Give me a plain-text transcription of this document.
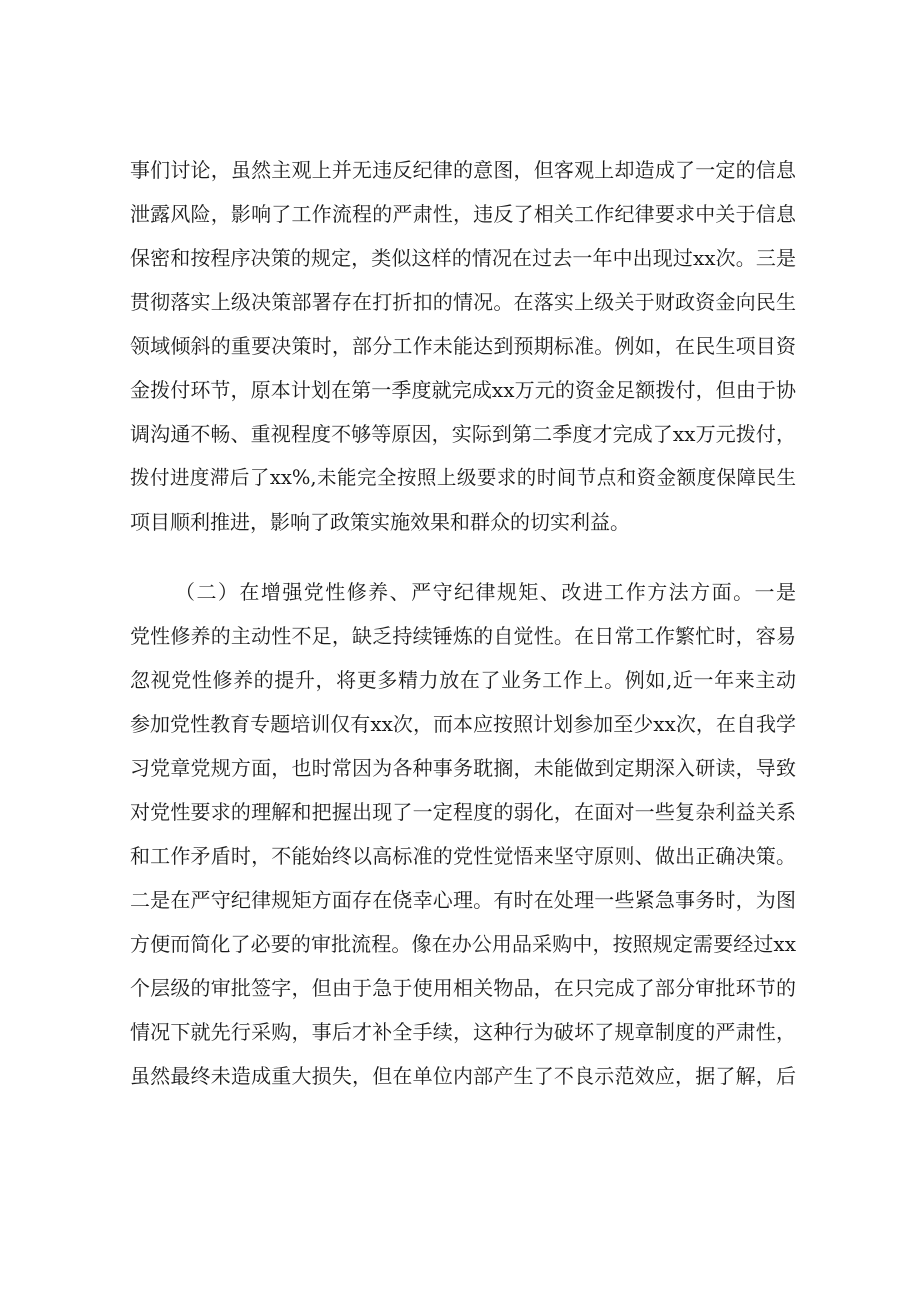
事们讨论，虽然主观上并无违反纪律的意图，但客观上却造成了一定的信息
泄露风险，影响了工作流程的严肃性，违反了相关工作纪律要求中关于信息
保密和按程序决策的规定，类似这样的情况在过去一年中出现过xx次。三是
贯彻落实上级决策部署存在打折扣的情况。在落实上级关于财政资金向民生
领域倾斜的重要决策时，部分工作未能达到预期标准。例如，在民生项目资
金拨付环节，原本计划在第一季度就完成xx万元的资金足额拨付，但由于协
调沟通不畅、重视程度不够等原因，实际到第二季度才完成了xx万元拨付，
拨付进度滞后了xx%,未能完全按照上级要求的时间节点和资金额度保障民生
项目顺利推进，影响了政策实施效果和群众的切实利益。
（二）在增强党性修养、严守纪律规矩、改进工作方法方面。一是
党性修养的主动性不足，缺乏持续锤炼的自觉性。在日常工作繁忙时，容易
忽视党性修养的提升，将更多精力放在了业务工作上。例如,近一年来主动
参加党性教育专题培训仅有xx次，而本应按照计划参加至少xx次，在自我学
习党章党规方面，也时常因为各种事务耽搁，未能做到定期深入研读，导致
对党性要求的理解和把握出现了一定程度的弱化，在面对一些复杂利益关系
和工作矛盾时，不能始终以高标准的党性觉悟来坚守原则、做出正确决策。
二是在严守纪律规矩方面存在侥幸心理。有时在处理一些紧急事务时，为图
方便而简化了必要的审批流程。像在办公用品采购中，按照规定需要经过xx
个层级的审批签字，但由于急于使用相关物品，在只完成了部分审批环节的
情况下就先行采购，事后才补全手续，这种行为破坏了规章制度的严肃性，
虽然最终未造成重大损失，但在单位内部产生了不良示范效应，据了解，后
